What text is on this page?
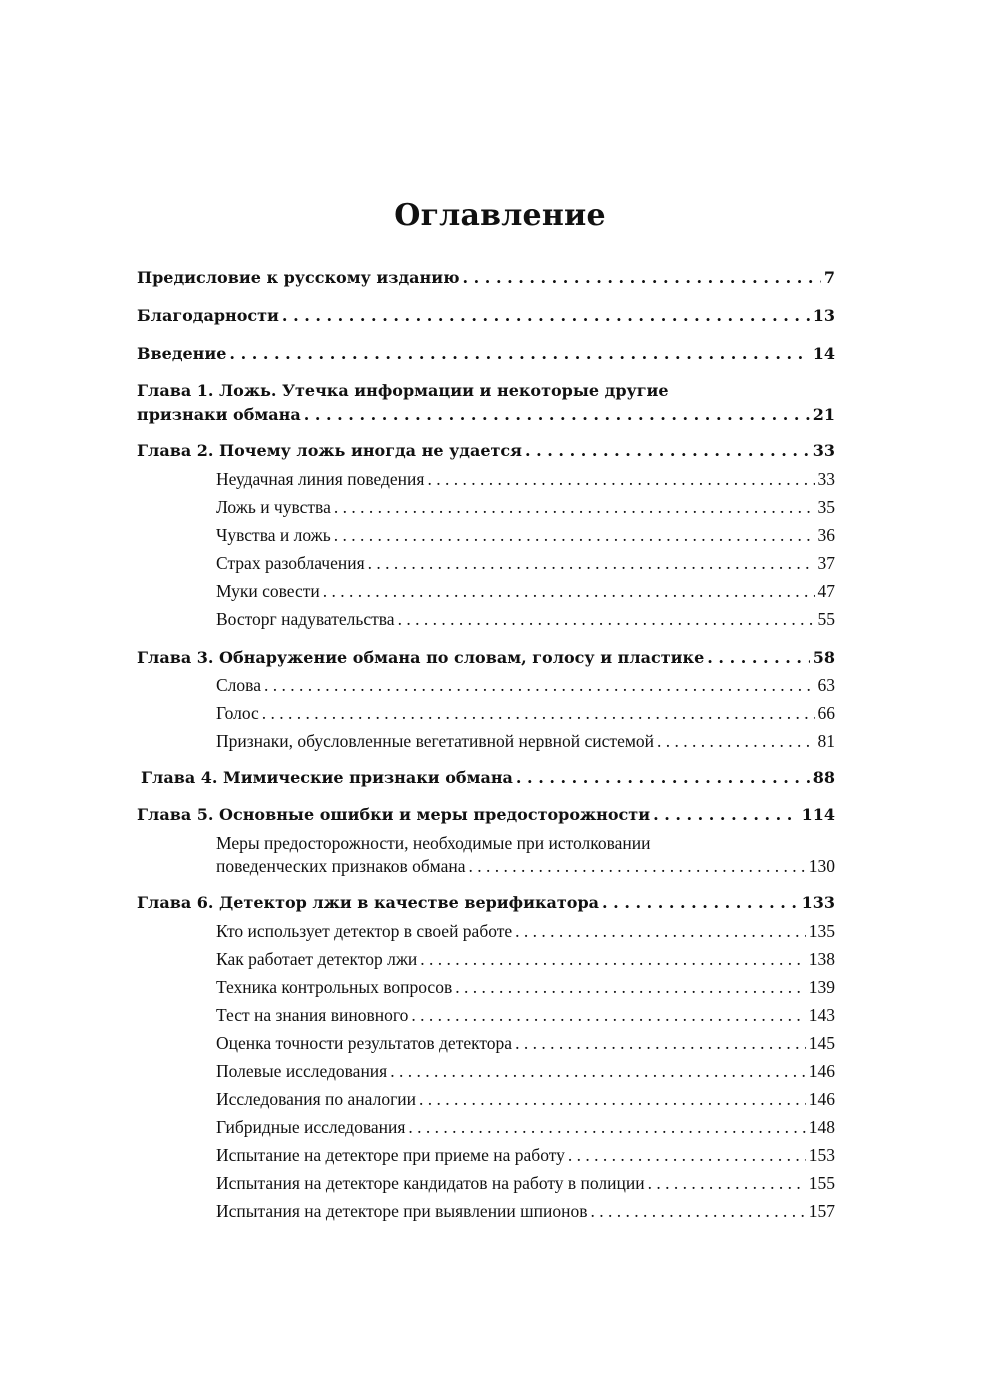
Оглавление
Предисловие к русскому изданию . . .	7
Благодарности . . .	13
Введение . . .	14
Глава 1. Ложь. Утечка информации и некоторые другие
признаки обмана . . .	21
Глава 2. Почему ложь иногда не удается . . .	33
Неудачная линия поведения . . .	33
Ложь и чувства . . .	35
Чувства и ложь . . .	36
Страх разоблачения . . .	37
Муки совести . . .	47
Восторг надувательства . . .	55
Глава 3. Обнаружение обмана по словам, голосу и пластике . . .	58
Слова . . .	63
Голос . . .	66
Признаки, обусловленные вегетативной нервной системой . . .	81
Глава 4. Мимические признаки обмана . . .	88
Глава 5. Основные ошибки и меры предосторожности . . .	114
Меры предосторожности, необходимые при истолковании
поведенческих признаков обмана . . .	130
Глава 6. Детектор лжи в качестве верификатора . . .	133
Кто использует детектор в своей работе . . .	135
Как работает детектор лжи . . .	138
Техника контрольных вопросов . . .	139
Тест на знания виновного . . .	143
Оценка точности результатов детектора . . .	145
Полевые исследования . . .	146
Исследования по аналогии . . .	146
Гибридные исследования . . .	148
Испытание на детекторе при приеме на работу . . .	153
Испытания на детекторе кандидатов на работу в полиции . . .	155
Испытания на детекторе при выявлении шпионов . . .	157
